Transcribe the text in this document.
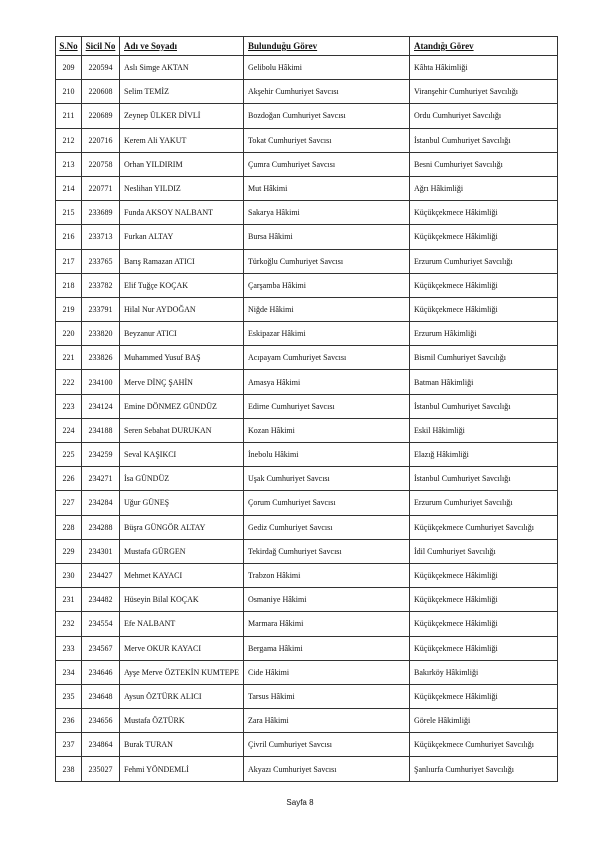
S.No	Sicil No	Adı ve Soyadı	Bulunduğu Görev	Atandığı Görev
209	220594	Aslı Simge AKTAN	Gelibolu Hâkimi	Kâhta Hâkimliği
210	220608	Selim TEMİZ	Akşehir Cumhuriyet Savcısı	Viranşehir Cumhuriyet Savcılığı
211	220689	Zeynep ÜLKER DİVLİ	Bozdoğan Cumhuriyet Savcısı	Ordu Cumhuriyet Savcılığı
212	220716	Kerem Ali YAKUT	Tokat Cumhuriyet Savcısı	İstanbul Cumhuriyet Savcılığı
213	220758	Orhan YILDIRIM	Çumra Cumhuriyet Savcısı	Besni Cumhuriyet Savcılığı
214	220771	Neslihan YILDIZ	Mut Hâkimi	Ağrı Hâkimliği
215	233689	Funda AKSOY NALBANT	Sakarya Hâkimi	Küçükçekmece Hâkimliği
216	233713	Furkan ALTAY	Bursa Hâkimi	Küçükçekmece Hâkimliği
217	233765	Barış Ramazan ATICI	Türkoğlu Cumhuriyet Savcısı	Erzurum Cumhuriyet Savcılığı
218	233782	Elif Tuğçe KOÇAK	Çarşamba Hâkimi	Küçükçekmece Hâkimliği
219	233791	Hilal Nur AYDOĞAN	Niğde Hâkimi	Küçükçekmece Hâkimliği
220	233820	Beyzanur ATICI	Eskipazar Hâkimi	Erzurum Hâkimliği
221	233826	Muhammed Yusuf BAŞ	Acıpayam Cumhuriyet Savcısı	Bismil Cumhuriyet Savcılığı
222	234100	Merve DİNÇ ŞAHİN	Amasya Hâkimi	Batman Hâkimliği
223	234124	Emine DÖNMEZ GÜNDÜZ	Edirne Cumhuriyet Savcısı	İstanbul Cumhuriyet Savcılığı
224	234188	Seren Sebahat DURUKAN	Kozan Hâkimi	Eskil Hâkimliği
225	234259	Seval KAŞIKCI	İnebolu Hâkimi	Elazığ Hâkimliği
226	234271	İsa GÜNDÜZ	Uşak Cumhuriyet Savcısı	İstanbul Cumhuriyet Savcılığı
227	234284	Uğur GÜNEŞ	Çorum Cumhuriyet Savcısı	Erzurum Cumhuriyet Savcılığı
228	234288	Büşra GÜNGÖR ALTAY	Gediz Cumhuriyet Savcısı	Küçükçekmece Cumhuriyet Savcılığı
229	234301	Mustafa GÜRGEN	Tekirdağ Cumhuriyet Savcısı	İdil Cumhuriyet Savcılığı
230	234427	Mehmet KAYACI	Trabzon Hâkimi	Küçükçekmece Hâkimliği
231	234482	Hüseyin Bilal KOÇAK	Osmaniye Hâkimi	Küçükçekmece Hâkimliği
232	234554	Efe NALBANT	Marmara Hâkimi	Küçükçekmece Hâkimliği
233	234567	Merve OKUR KAYACI	Bergama Hâkimi	Küçükçekmece Hâkimliği
234	234646	Ayşe Merve ÖZTEKİN KUMTEPE	Cide Hâkimi	Bakırköy Hâkimliği
235	234648	Aysun ÖZTÜRK ALICI	Tarsus Hâkimi	Küçükçekmece Hâkimliği
236	234656	Mustafa ÖZTÜRK	Zara Hâkimi	Görele Hâkimliği
237	234864	Burak TURAN	Çivril Cumhuriyet Savcısı	Küçükçekmece Cumhuriyet Savcılığı
238	235027	Fehmi YÖNDEMLİ	Akyazı Cumhuriyet Savcısı	Şanlıurfa Cumhuriyet Savcılığı
Sayfa 8
